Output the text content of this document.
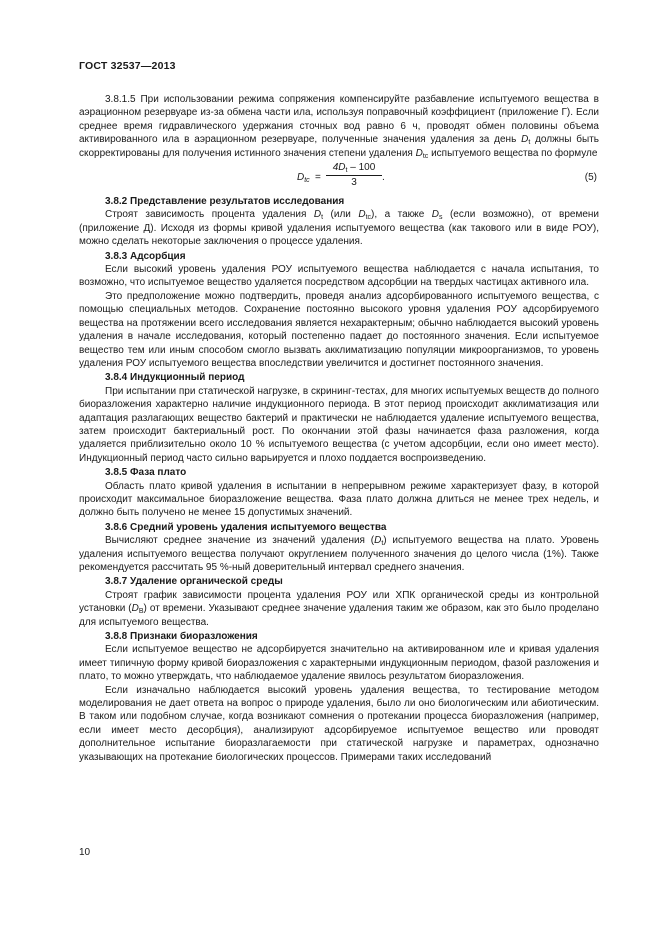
ГОСТ 32537—2013

3.8.1.5 При использовании режима сопряжения компенсируйте разбавление испытуемого вещества в аэрационном резервуаре из-за обмена части ила, используя поправочный коэффициент (приложение Г). Если среднее время гидравлического удержания сточных вод равно 6 ч, проводят обмен половины объема активированного ила в аэрационном резервуаре, полученные значения удаления за день $D_t$ должны быть скорректированы для получения истинного значения степени удаления $D_{tc}$ испытуемого вещества по формуле

$D_{tc} = \frac{4D_t - 100}{3}$ .	(5)
3.8.2 Представление результатов исследования

Строят зависимость процента удаления $D_t$ (или $D_{tc}$), а также $D_s$ (если возможно), от времени (приложение Д). Исходя из формы кривой удаления испытуемого вещества (как такового или в виде РОУ), можно сделать некоторые заключения о процессе удаления.

3.8.3 Адсорбция

Если высокий уровень удаления РОУ испытуемого вещества наблюдается с начала испытания, то возможно, что испытуемое вещество удаляется посредством адсорбции на твердых частицах активного ила.

Это предположение можно подтвердить, проведя анализ адсорбированного испытуемого вещества, с помощью специальных методов. Сохранение постоянно высокого уровня удаления РОУ адсорбируемого вещества на протяжении всего исследования является нехарактерным; обычно наблюдается высокий уровень удаления в начале исследования, который постепенно падает до постоянного значения. Если испытуемое вещество тем или иным способом смогло вызвать акклиматизацию популяции микроорганизмов, то уровень удаления РОУ испытуемого вещества впоследствии увеличится и достигнет постоянного значения.

3.8.4 Индукционный период

При испытании при статической нагрузке, в скрининг-тестах, для многих испытуемых веществ до полного биоразложения характерно наличие индукционного периода. В этот период происходит акклиматизация или адаптация разлагающих вещество бактерий и практически не наблюдается удаление испытуемого вещества, затем происходит бактериальный рост. По окончании этой фазы начинается фаза разложения, когда удаляется приблизительно около 10 % испытуемого вещества (с учетом адсорбции, если оно имеет место). Индукционный период часто сильно варьируется и плохо поддается воспроизведению.

3.8.5 Фаза плато

Область плато кривой удаления в испытании в непрерывном режиме характеризует фазу, в которой происходит максимальное биоразложение вещества. Фаза плато должна длиться не менее трех недель, и должно быть получено не менее 15 допустимых значений.

3.8.6 Средний уровень удаления испытуемого вещества

Вычисляют среднее значение из значений удаления $(D_t)$ испытуемого вещества на плато. Уровень удаления испытуемого вещества получают округлением полученного значения до целого числа (1%). Также рекомендуется рассчитать 95 %-ный доверительный интервал среднего значения.

3.8.7 Удаление органической среды

Строят график зависимости процента удаления РОУ или ХПК органической среды из контрольной установки $(D_B)$ от времени. Указывают среднее значение удаления таким же образом, как это было проделано для испытуемого вещества.

3.8.8 Признаки биоразложения

Если испытуемое вещество не адсорбируется значительно на активированном иле и кривая удаления имеет типичную форму кривой биоразложения с характерными индукционным периодом, фазой разложения и плато, то можно утверждать, что наблюдаемое удаление явилось результатом биоразложения.

Если изначально наблюдается высокий уровень удаления вещества, то тестирование методом моделирования не дает ответа на вопрос о природе удаления, было ли оно биологическим или абиотическим. В таком или подобном случае, когда возникают сомнения о протекании процесса биоразложения (например, если имеет место десорбция), анализируют адсорбируемое испытуемое вещество или проводят дополнительное испытание биоразлагаемости при статической нагрузке и параметрах, однозначно указывающих на протекание биологических процессов. Примерами таких исследований

10
